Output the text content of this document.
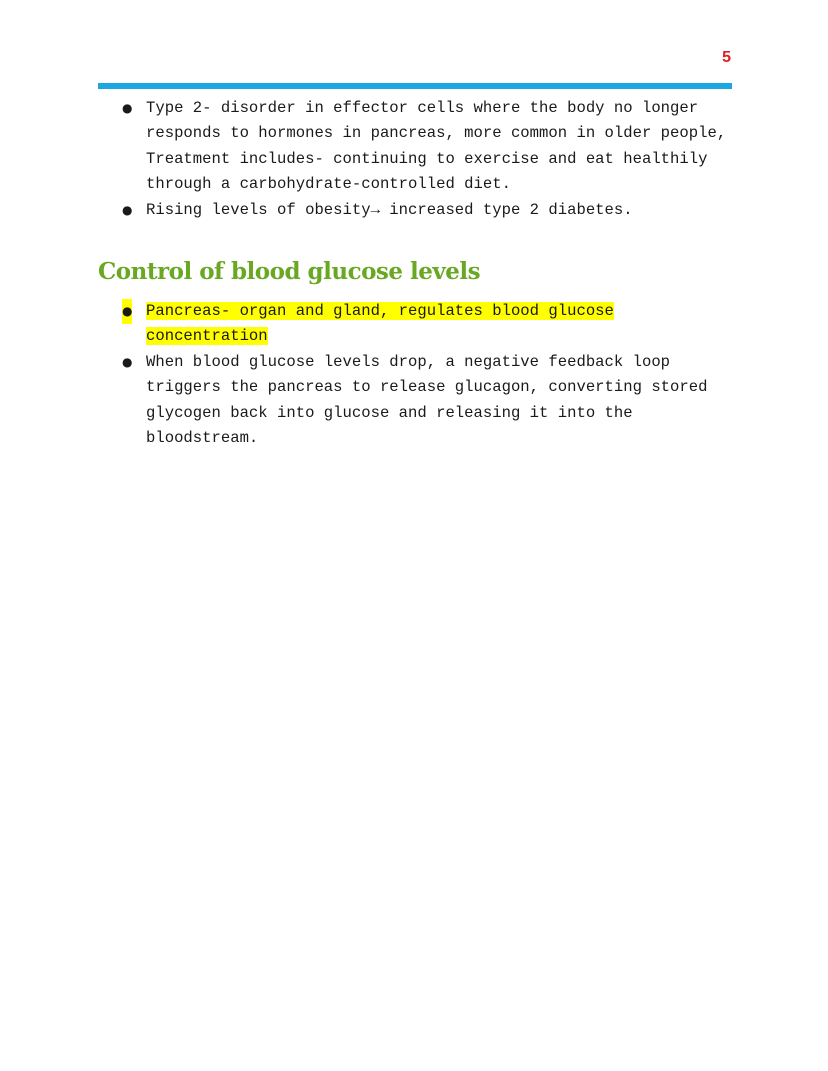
5
● Type 2- disorder in effector cells where the body no longer responds to hormones in pancreas, more common in older people, Treatment includes- continuing to exercise and eat healthily through a carbohydrate-controlled diet.
● Rising levels of obesity→ increased type 2 diabetes.
Control of blood glucose levels
● Pancreas- organ and gland, regulates blood glucose concentration
● When blood glucose levels drop, a negative feedback loop triggers the pancreas to release glucagon, converting stored glycogen back into glucose and releasing it into the bloodstream.
